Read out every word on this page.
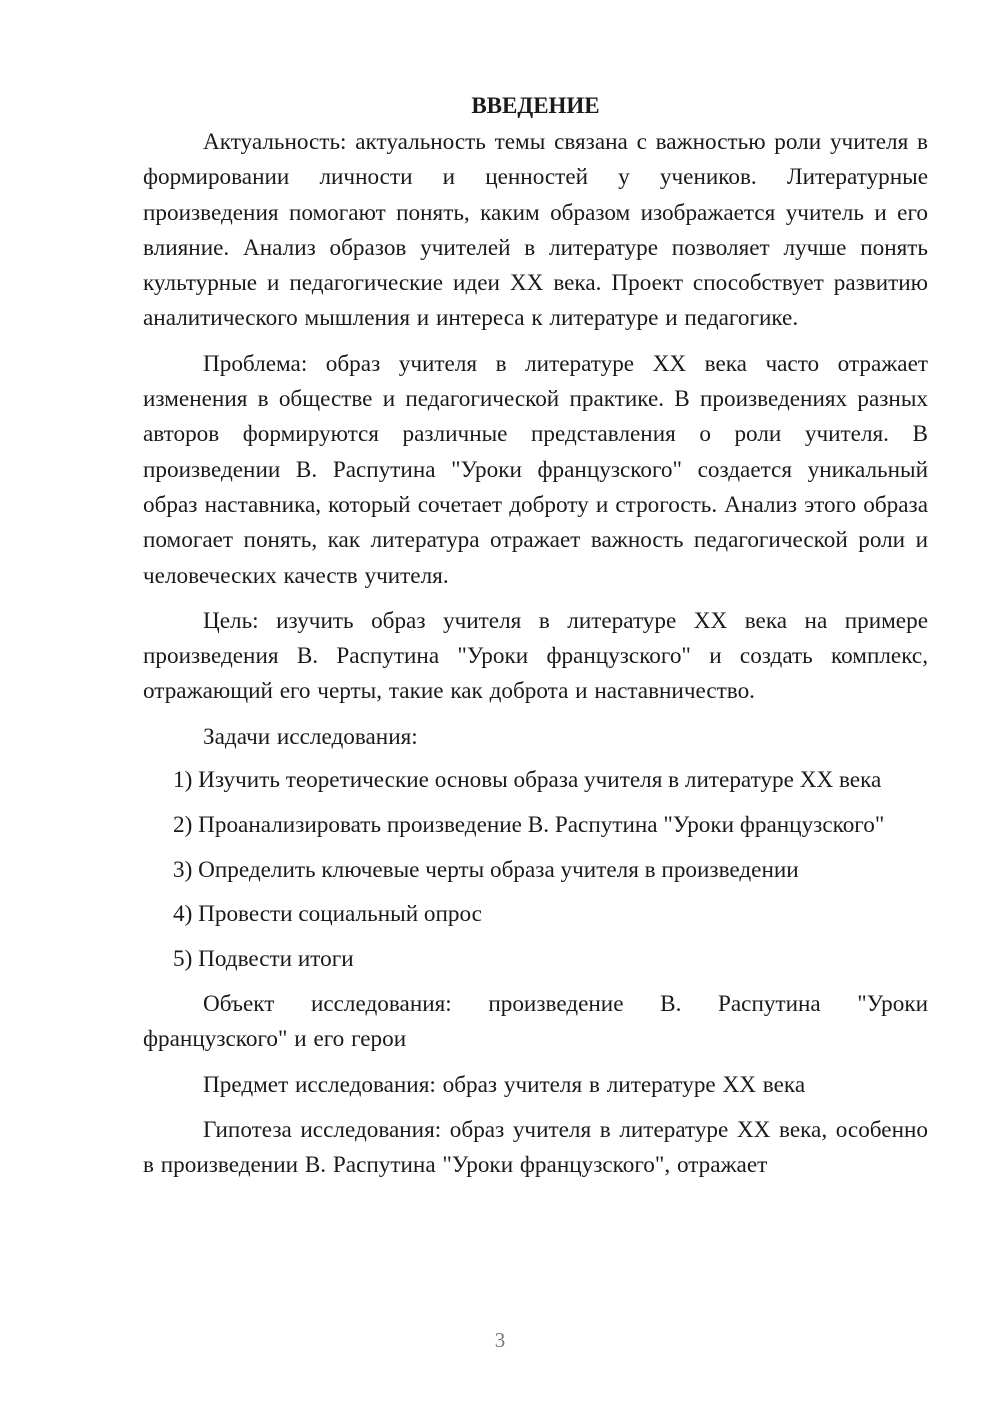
ВВЕДЕНИЕ

Актуальность: актуальность темы связана с важностью роли учителя в формировании личности и ценностей у учеников. Литературные произведения помогают понять, каким образом изображается учитель и его влияние. Анализ образов учителей в литературе позволяет лучше понять культурные и педагогические идеи XX века. Проект способствует развитию аналитического мышления и интереса к литературе и педагогике.

Проблема: образ учителя в литературе XX века часто отражает изменения в обществе и педагогической практике. В произведениях разных авторов формируются различные представления о роли учителя. В произведении В. Распутина "Уроки французского" создается уникальный образ наставника, который сочетает доброту и строгость. Анализ этого образа помогает понять, как литература отражает важность педагогической роли и человеческих качеств учителя.

Цель: изучить образ учителя в литературе XX века на примере произведения В. Распутина "Уроки французского" и создать комплекс, отражающий его черты, такие как доброта и наставничество.

Задачи исследования:

1) Изучить теоретические основы образа учителя в литературе XX века

2) Проанализировать произведение В. Распутина "Уроки французского"

3) Определить ключевые черты образа учителя в произведении

4) Провести социальный опрос

5) Подвести итоги

Объект исследования: произведение В. Распутина "Уроки французского" и его герои

Предмет исследования: образ учителя в литературе XX века

Гипотеза исследования: образ учителя в литературе XX века, особенно в произведении В. Распутина "Уроки французского", отражает

3
